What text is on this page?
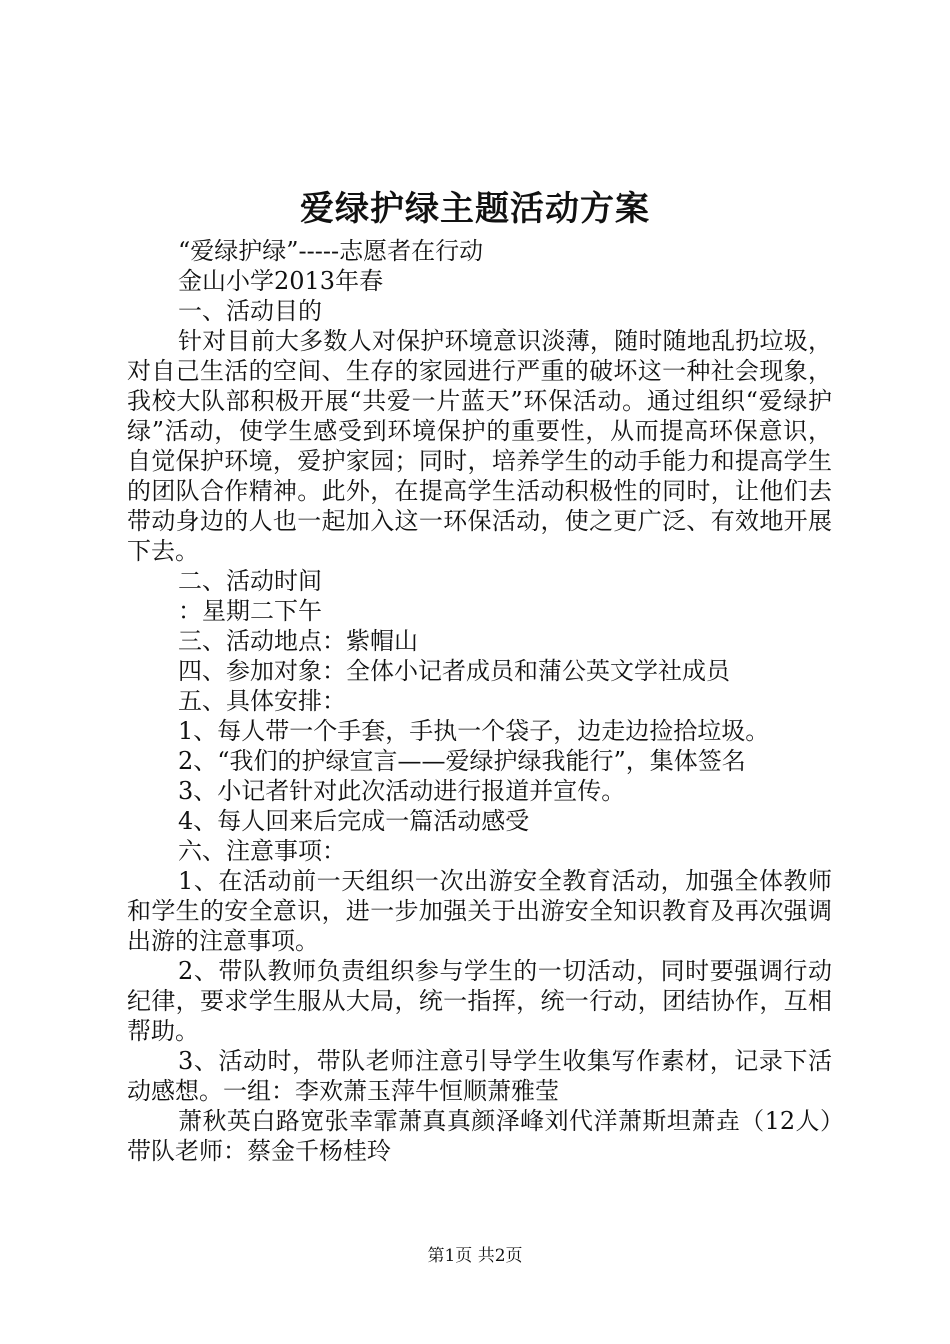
爱绿护绿主题活动方案
“爱绿护绿”-----志愿者在行动
金山小学2013年春
一、活动目的

针对目前大多数人对保护环境意识淡薄，随时随地乱扔垃圾，对自己生活的空间、生存的家园进行严重的破坏这一种社会现象，我校大队部积极开展“共爱一片蓝天”环保活动。通过组织“爱绿护绿”活动，使学生感受到环境保护的重要性，从而提高环保意识，自觉保护环境，爱护家园；同时，培养学生的动手能力和提高学生的团队合作精神。此外，在提高学生活动积极性的同时，让他们去带动身边的人也一起加入这一环保活动，使之更广泛、有效地开展下去。

二、活动时间
：星期二下午
三、活动地点：紫帽山
四、参加对象：全体小记者成员和蒲公英文学社成员
五、具体安排：
1、每人带一个手套，手执一个袋子，边走边捡拾垃圾。
2、“我们的护绿宣言——爱绿护绿我能行”，集体签名
3、小记者针对此次活动进行报道并宣传。
4、每人回来后完成一篇活动感受
六、注意事项：

1、在活动前一天组织一次出游安全教育活动，加强全体教师和学生的安全意识，进一步加强关于出游安全知识教育及再次强调出游的注意事项。

2、带队教师负责组织参与学生的一切活动，同时要强调行动纪律，要求学生服从大局，统一指挥，统一行动，团结协作，互相帮助。

3、活动时，带队老师注意引导学生收集写作素材，记录下活动感想。一组：李欢萧玉萍牛恒顺萧雅莹

萧秋英白路宽张幸霏萧真真颜泽峰刘代洋萧斯坦萧垚（12人）带队老师：蔡金千杨桂玲

第1页 共2页
